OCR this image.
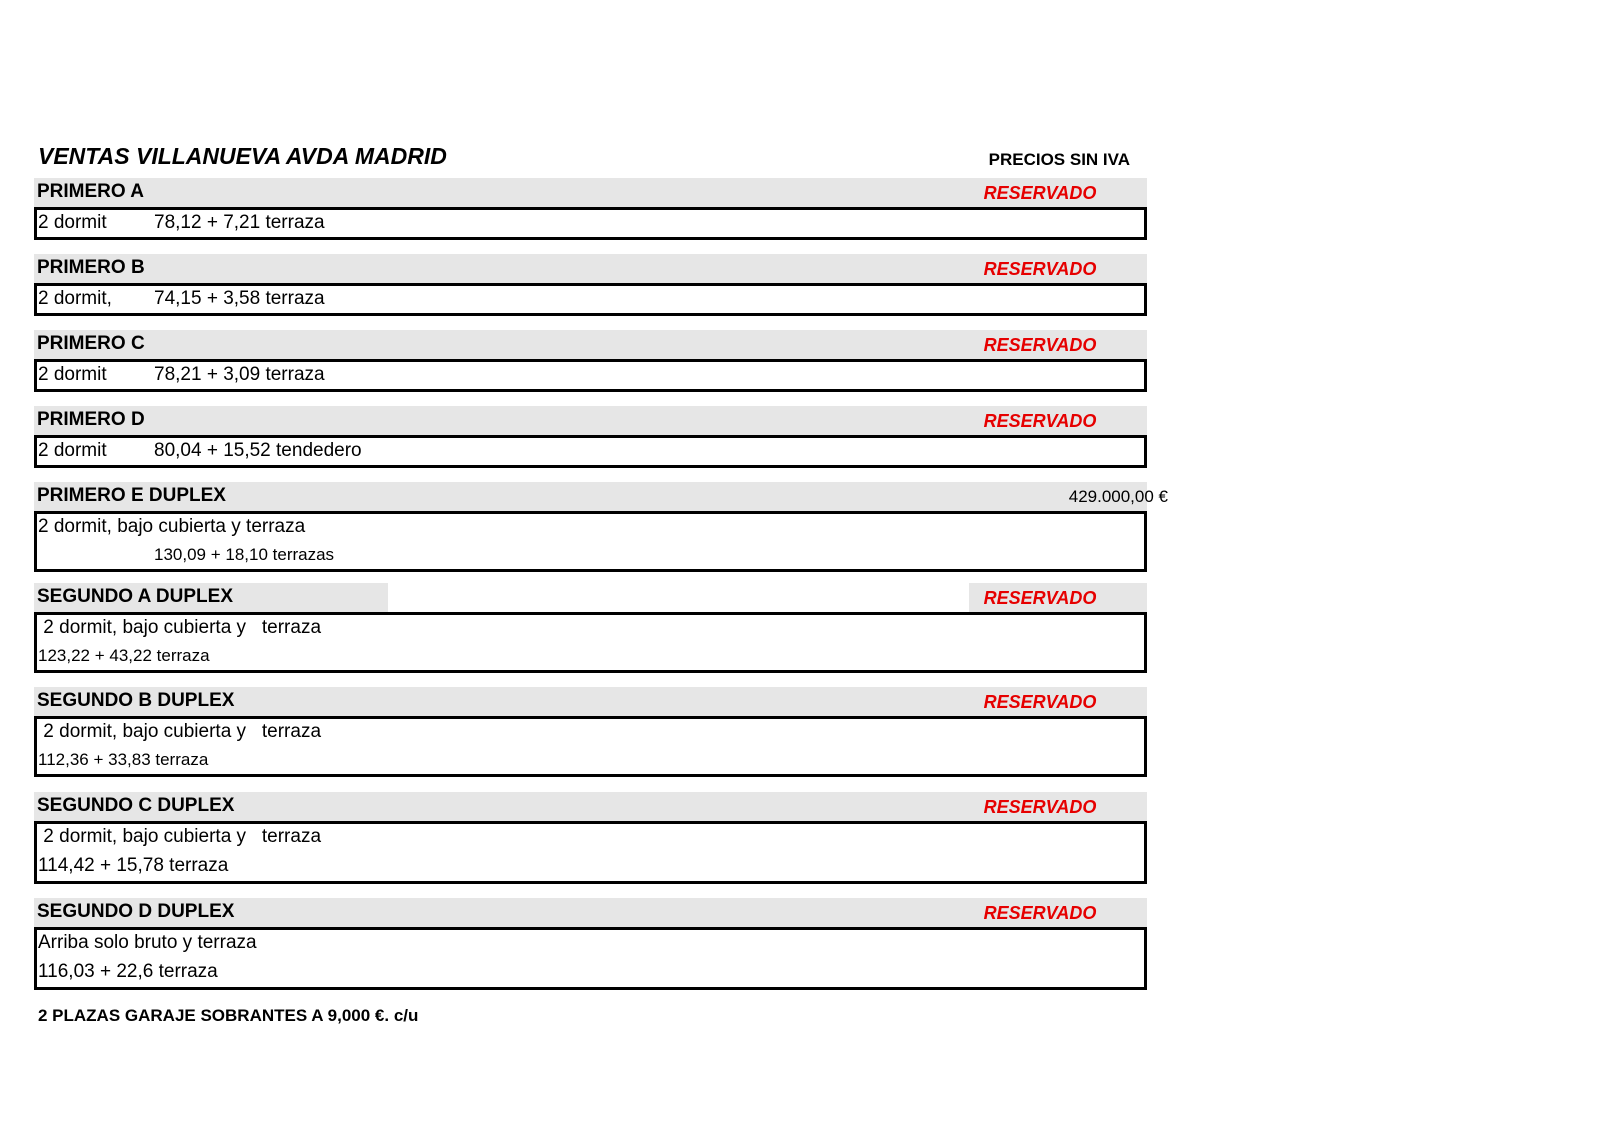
VENTAS VILLANUEVA AVDA MADRID	PRECIOS SIN IVA
PRIMERO A	RESERVADO
2 dormit 78,12 + 7,21 terraza
PRIMERO B	RESERVADO
2 dormit, 74,15 + 3,58 terraza
PRIMERO C	RESERVADO
2 dormit 78,21 + 3,09 terraza
PRIMERO D	RESERVADO
2 dormit 80,04 + 15,52 tendedero
PRIMERO E DUPLEX	429.000,00 €
2 dormit, bajo cubierta y terraza
130,09 + 18,10 terrazas
SEGUNDO A DUPLEX	RESERVADO
2 dormit, bajo cubierta y   terraza
123,22 + 43,22 terraza
SEGUNDO B DUPLEX	RESERVADO
2 dormit, bajo cubierta y   terraza
112,36 + 33,83 terraza
SEGUNDO C DUPLEX	RESERVADO
2 dormit, bajo cubierta y   terraza
114,42 + 15,78 terraza
SEGUNDO D DUPLEX	RESERVADO
Arriba solo bruto y terraza
116,03 + 22,6 terraza
2 PLAZAS GARAJE SOBRANTES A 9,000 €. c/u
